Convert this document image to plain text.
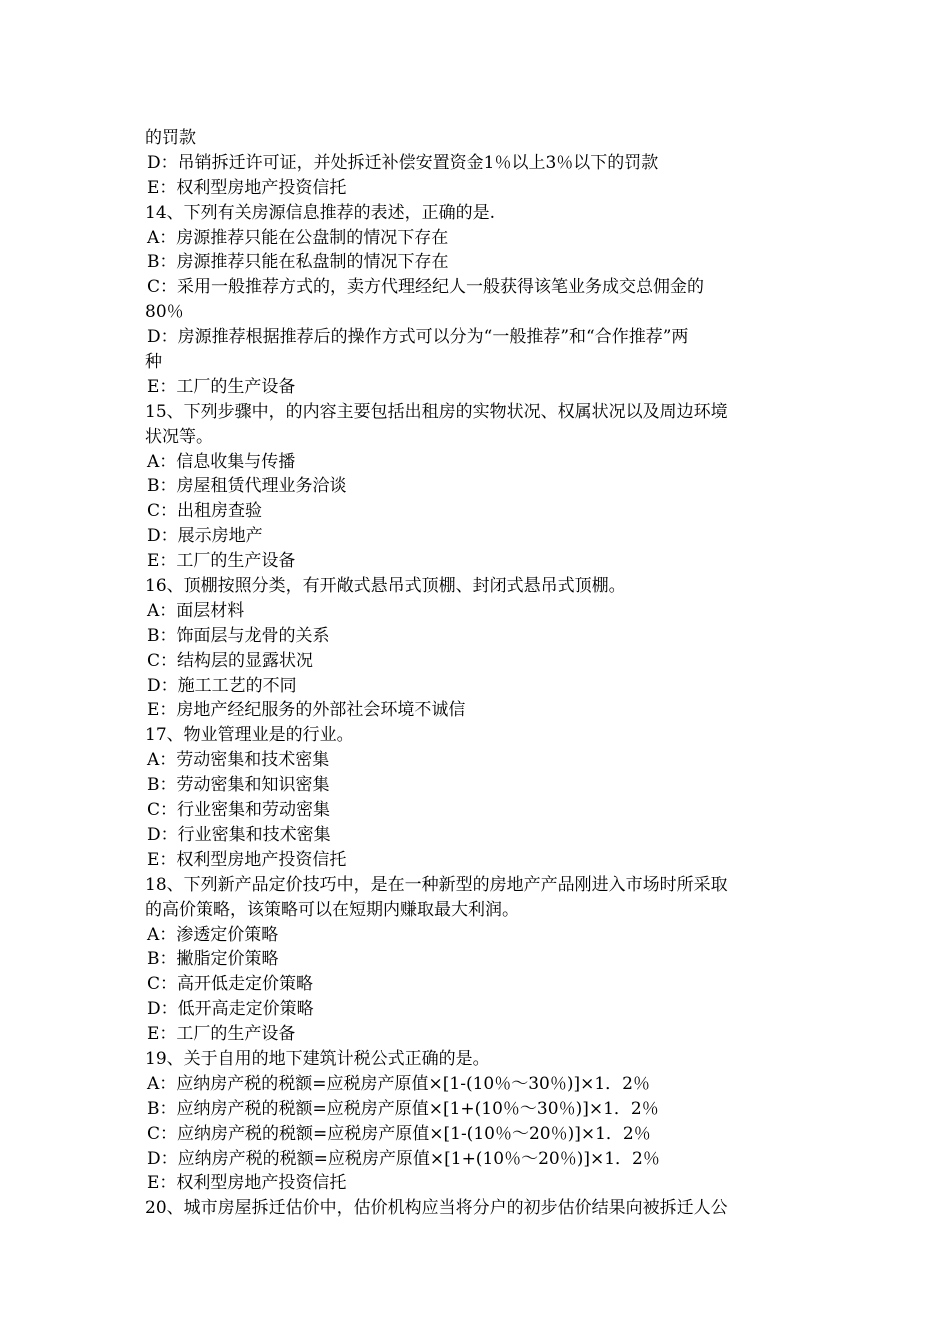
的罚款
D：吊销拆迁许可证，并处拆迁补偿安置资金1％以上3％以下的罚款
E：权利型房地产投资信托
14、下列有关房源信息推荐的表述，正确的是.
A：房源推荐只能在公盘制的情况下存在
B：房源推荐只能在私盘制的情况下存在
C：采用一般推荐方式的，卖方代理经纪人一般获得该笔业务成交总佣金的
80％
D：房源推荐根据推荐后的操作方式可以分为“一般推荐”和“合作推荐”两
种
E：工厂的生产设备
15、下列步骤中，的内容主要包括出租房的实物状况、权属状况以及周边环境
状况等。
A：信息收集与传播
B：房屋租赁代理业务洽谈
C：出租房查验
D：展示房地产
E：工厂的生产设备
16、顶棚按照分类，有开敞式悬吊式顶棚、封闭式悬吊式顶棚。
A：面层材料
B：饰面层与龙骨的关系
C：结构层的显露状况
D：施工工艺的不同
E：房地产经纪服务的外部社会环境不诚信
17、物业管理业是的行业。
A：劳动密集和技术密集
B：劳动密集和知识密集
C：行业密集和劳动密集
D：行业密集和技术密集
E：权利型房地产投资信托
18、下列新产品定价技巧中，是在一种新型的房地产产品刚进入市场时所采取
的高价策略，该策略可以在短期内赚取最大利润。
A：渗透定价策略
B：撇脂定价策略
C：高开低走定价策略
D：低开高走定价策略
E：工厂的生产设备
19、关于自用的地下建筑计税公式正确的是。
A：应纳房产税的税额=应税房产原值×[1-(10％～30％)]×1．2％
B：应纳房产税的税额=应税房产原值×[1+(10％～30％)]×1．2％
C：应纳房产税的税额=应税房产原值×[1-(10％～20％)]×1．2％
D：应纳房产税的税额=应税房产原值×[1+(10％～20％)]×1．2％
E：权利型房地产投资信托
20、城市房屋拆迁估价中，估价机构应当将分户的初步估价结果向被拆迁人公
